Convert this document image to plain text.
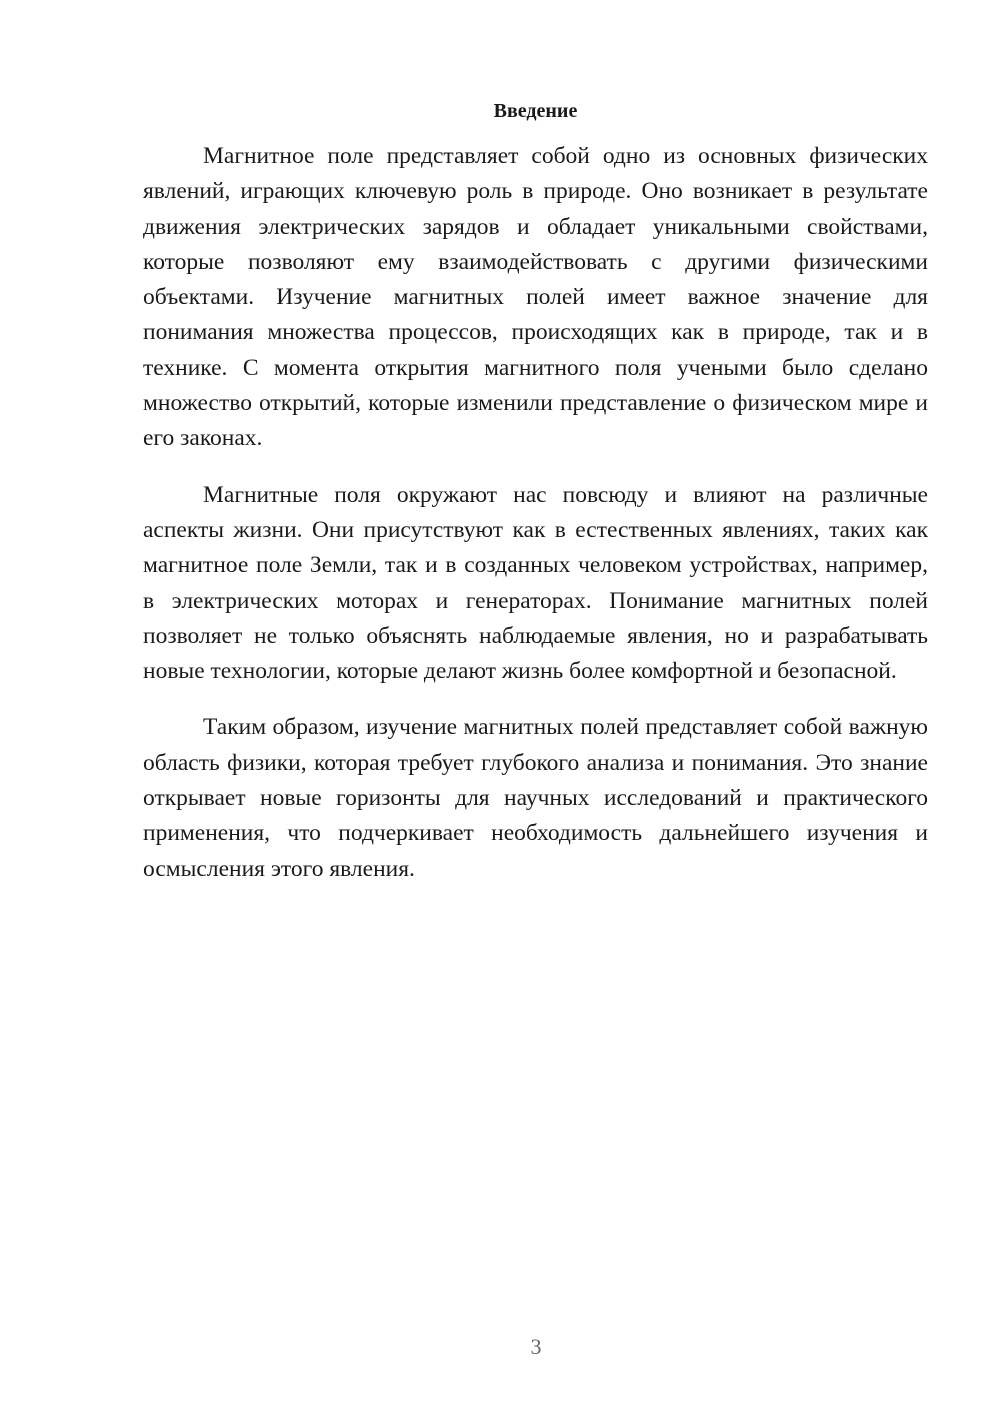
Введение

Магнитное поле представляет собой одно из основных физических явлений, играющих ключевую роль в природе. Оно возникает в результате движения электрических зарядов и обладает уникальными свойствами, которые позволяют ему взаимодействовать с другими физическими объектами. Изучение магнитных полей имеет важное значение для понимания множества процессов, происходящих как в природе, так и в технике. С момента открытия магнитного поля учеными было сделано множество открытий, которые изменили представление о физическом мире и его законах.

Магнитные поля окружают нас повсюду и влияют на различные аспекты жизни. Они присутствуют как в естественных явлениях, таких как магнитное поле Земли, так и в созданных человеком устройствах, например, в электрических моторах и генераторах. Понимание магнитных полей позволяет не только объяснять наблюдаемые явления, но и разрабатывать новые технологии, которые делают жизнь более комфортной и безопасной.

Таким образом, изучение магнитных полей представляет собой важную область физики, которая требует глубокого анализа и понимания. Это знание открывает новые горизонты для научных исследований и практического применения, что подчеркивает необходимость дальнейшего изучения и осмысления этого явления.

3
